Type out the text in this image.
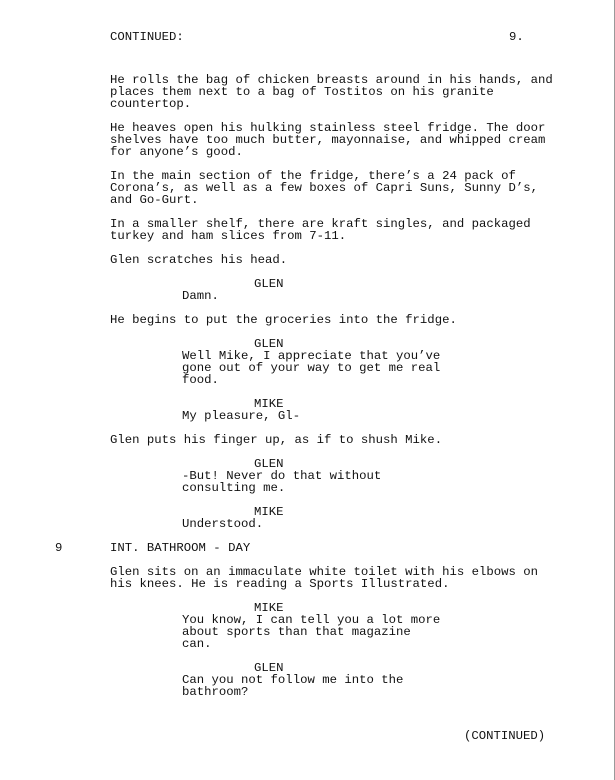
CONTINUED:	9.
He rolls the bag of chicken breasts around in his hands, and
places them next to a bag of Tostitos on his granite
countertop.
He heaves open his hulking stainless steel fridge. The door
shelves have too much butter, mayonnaise, and whipped cream
for anyone’s good.
In the main section of the fridge, there’s a 24 pack of
Corona’s, as well as a few boxes of Capri Suns, Sunny D’s,
and Go-Gurt.
In a smaller shelf, there are kraft singles, and packaged
turkey and ham slices from 7-11.
Glen scratches his head.
GLEN
Damn.
He begins to put the groceries into the fridge.
GLEN
Well Mike, I appreciate that you’ve
gone out of your way to get me real
food.
MIKE
My pleasure, Gl-
Glen puts his finger up, as if to shush Mike.
GLEN
-But! Never do that without
consulting me.
MIKE
Understood.
9	INT. BATHROOM - DAY
Glen sits on an immaculate white toilet with his elbows on
his knees. He is reading a Sports Illustrated.
MIKE
You know, I can tell you a lot more
about sports than that magazine
can.
GLEN
Can you not follow me into the
bathroom?
(CONTINUED)
